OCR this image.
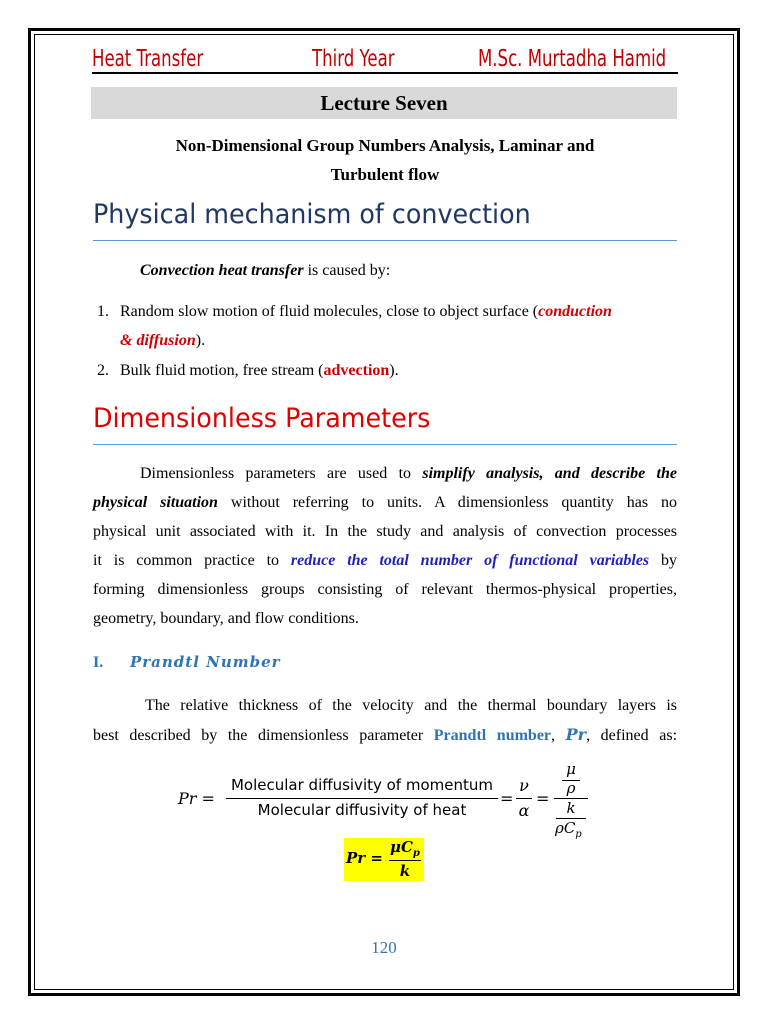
Heat Transfer	Third Year	M.Sc. Murtadha Hamid
Lecture Seven
Non-Dimensional Group Numbers Analysis, Laminar and
Turbulent flow
Physical mechanism of convection
Convection heat transfer is caused by:
1. Random slow motion of fluid molecules, close to object surface (conduction
& diffusion).
2. Bulk fluid motion, free stream (advection).
Dimensionless Parameters
Dimensionless parameters are used to simplify analysis, and describe the
physical situation without referring to units. A dimensionless quantity has no
physical unit associated with it. In the study and analysis of convection processes
it is common practice to reduce the total number of functional variables by
forming dimensionless groups consisting of relevant thermos-physical properties,
geometry, boundary, and flow conditions.
I. Prandtl Number
The relative thickness of the velocity and the thermal boundary layers is
best described by the dimensionless parameter Prandtl number, Pr, defined as:
Pr =
Molecular diffusivity of momentum
Molecular diffusivity of heat
=
ν
α
=
μ
ρ
k
$\rho C_p$
Pr =
$\mu C_p$
k
120
